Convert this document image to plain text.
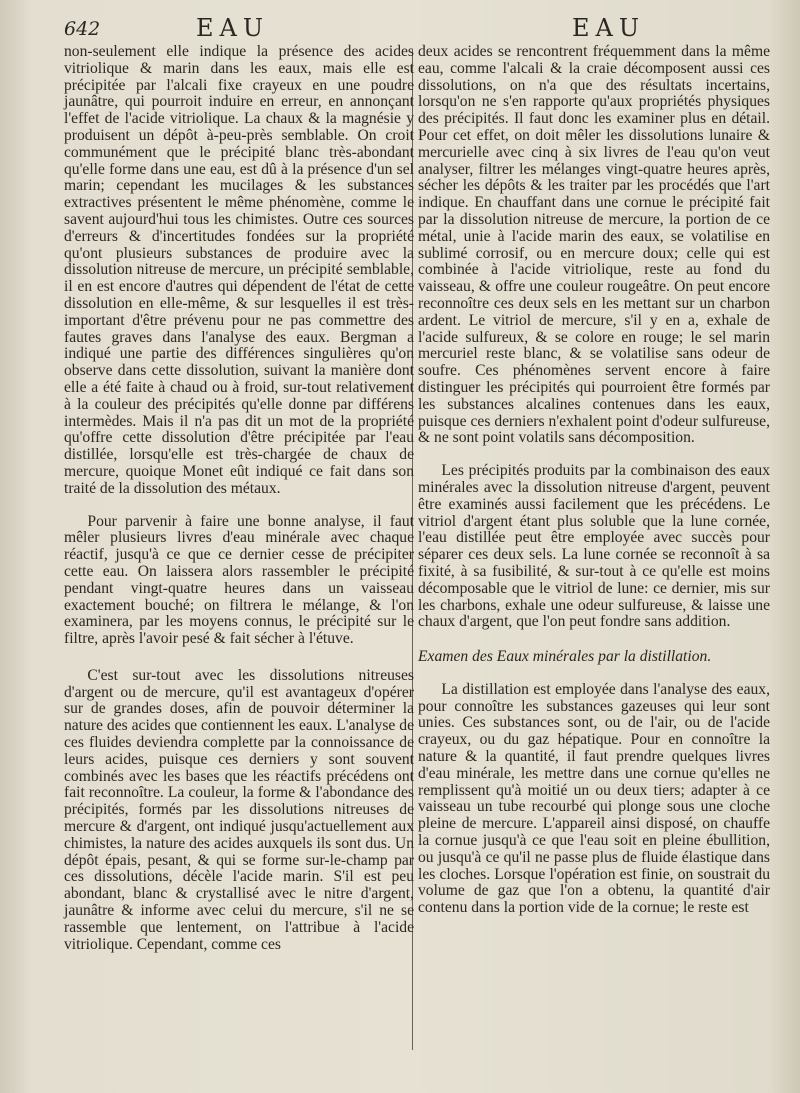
642	EAU	EAU

non-seulement elle indique la présence des acides vitriolique & marin dans les eaux, mais elle est précipitée par l'alcali fixe crayeux en une poudre jaunâtre, qui pourroit induire en erreur, en annonçant l'effet de l'acide vitriolique. La chaux & la magnésie y produisent un dépôt à-peu-près semblable. On croit communément que le précipité blanc très-abondant qu'elle forme dans une eau, est dû à la présence d'un sel marin; cependant les mucilages & les substances extractives présentent le même phénomène, comme le savent aujourd'hui tous les chimistes. Outre ces sources d'erreurs & d'incertitudes fondées sur la propriété qu'ont plusieurs substances de produire avec la dissolution nitreuse de mercure, un précipité semblable, il en est encore d'autres qui dépendent de l'état de cette dissolution en elle-même, & sur lesquelles il est très-important d'être prévenu pour ne pas commettre des fautes graves dans l'analyse des eaux. Bergman a indiqué une partie des différences singulières qu'on observe dans cette dissolution, suivant la manière dont elle a été faite à chaud ou à froid, sur-tout relativement à la couleur des précipités qu'elle donne par différens intermèdes. Mais il n'a pas dit un mot de la propriété qu'offre cette dissolution d'être précipitée par l'eau distillée, lorsqu'elle est très-chargée de chaux de mercure, quoique Monet eût indiqué ce fait dans son traité de la dissolution des métaux.

Pour parvenir à faire une bonne analyse, il faut mêler plusieurs livres d'eau minérale avec chaque réactif, jusqu'à ce que ce dernier cesse de précipiter cette eau. On laissera alors rassembler le précipité pendant vingt-quatre heures dans un vaisseau exactement bouché; on filtrera le mélange, & l'on examinera, par les moyens connus, le précipité sur le filtre, après l'avoir pesé & fait sécher à l'étuve.

C'est sur-tout avec les dissolutions nitreuses d'argent ou de mercure, qu'il est avantageux d'opérer sur de grandes doses, afin de pouvoir déterminer la nature des acides que contiennent les eaux. L'analyse de ces fluides deviendra complette par la connoissance de leurs acides, puisque ces derniers y sont souvent combinés avec les bases que les réactifs précédens ont fait reconnoître. La couleur, la forme & l'abondance des précipités, formés par les dissolutions nitreuses de mercure & d'argent, ont indiqué jusqu'actuellement aux chimistes, la nature des acides auxquels ils sont dus. Un dépôt épais, pesant, & qui se forme sur-le-champ par ces dissolutions, décèle l'acide marin. S'il est peu abondant, blanc & crystallisé avec le nitre d'argent, jaunâtre & informe avec celui du mercure, s'il ne se rassemble que lentement, on l'attribue à l'acide vitriolique. Cependant, comme ces

deux acides se rencontrent fréquemment dans la même eau, comme l'alcali & la craie décomposent aussi ces dissolutions, on n'a que des résultats incertains, lorsqu'on ne s'en rapporte qu'aux propriétés physiques des précipités. Il faut donc les examiner plus en détail. Pour cet effet, on doit mêler les dissolutions lunaire & mercurielle avec cinq à six livres de l'eau qu'on veut analyser, filtrer les mélanges vingt-quatre heures après, sécher les dépôts & les traiter par les procédés que l'art indique. En chauffant dans une cornue le précipité fait par la dissolution nitreuse de mercure, la portion de ce métal, unie à l'acide marin des eaux, se volatilise en sublimé corrosif, ou en mercure doux; celle qui est combinée à l'acide vitriolique, reste au fond du vaisseau, & offre une couleur rougeâtre. On peut encore reconnoître ces deux sels en les mettant sur un charbon ardent. Le vitriol de mercure, s'il y en a, exhale de l'acide sulfureux, & se colore en rouge; le sel marin mercuriel reste blanc, & se volatilise sans odeur de soufre. Ces phénomènes servent encore à faire distinguer les précipités qui pourroient être formés par les substances alcalines contenues dans les eaux, puisque ces derniers n'exhalent point d'odeur sulfureuse, & ne sont point volatils sans décomposition.

Les précipités produits par la combinaison des eaux minérales avec la dissolution nitreuse d'argent, peuvent être examinés aussi facilement que les précédens. Le vitriol d'argent étant plus soluble que la lune cornée, l'eau distillée peut être employée avec succès pour séparer ces deux sels. La lune cornée se reconnoît à sa fixité, à sa fusibilité, & sur-tout à ce qu'elle est moins décomposable que le vitriol de lune: ce dernier, mis sur les charbons, exhale une odeur sulfureuse, & laisse une chaux d'argent, que l'on peut fondre sans addition.

Examen des Eaux minérales par la distillation.

La distillation est employée dans l'analyse des eaux, pour connoître les substances gazeuses qui leur sont unies. Ces substances sont, ou de l'air, ou de l'acide crayeux, ou du gaz hépatique. Pour en connoître la nature & la quantité, il faut prendre quelques livres d'eau minérale, les mettre dans une cornue qu'elles ne remplissent qu'à moitié un ou deux tiers; adapter à ce vaisseau un tube recourbé qui plonge sous une cloche pleine de mercure. L'appareil ainsi disposé, on chauffe la cornue jusqu'à ce que l'eau soit en pleine ébullition, ou jusqu'à ce qu'il ne passe plus de fluide élastique dans les cloches. Lorsque l'opération est finie, on soustrait du volume de gaz que l'on a obtenu, la quantité d'air contenu dans la portion vide de la cornue; le reste est
